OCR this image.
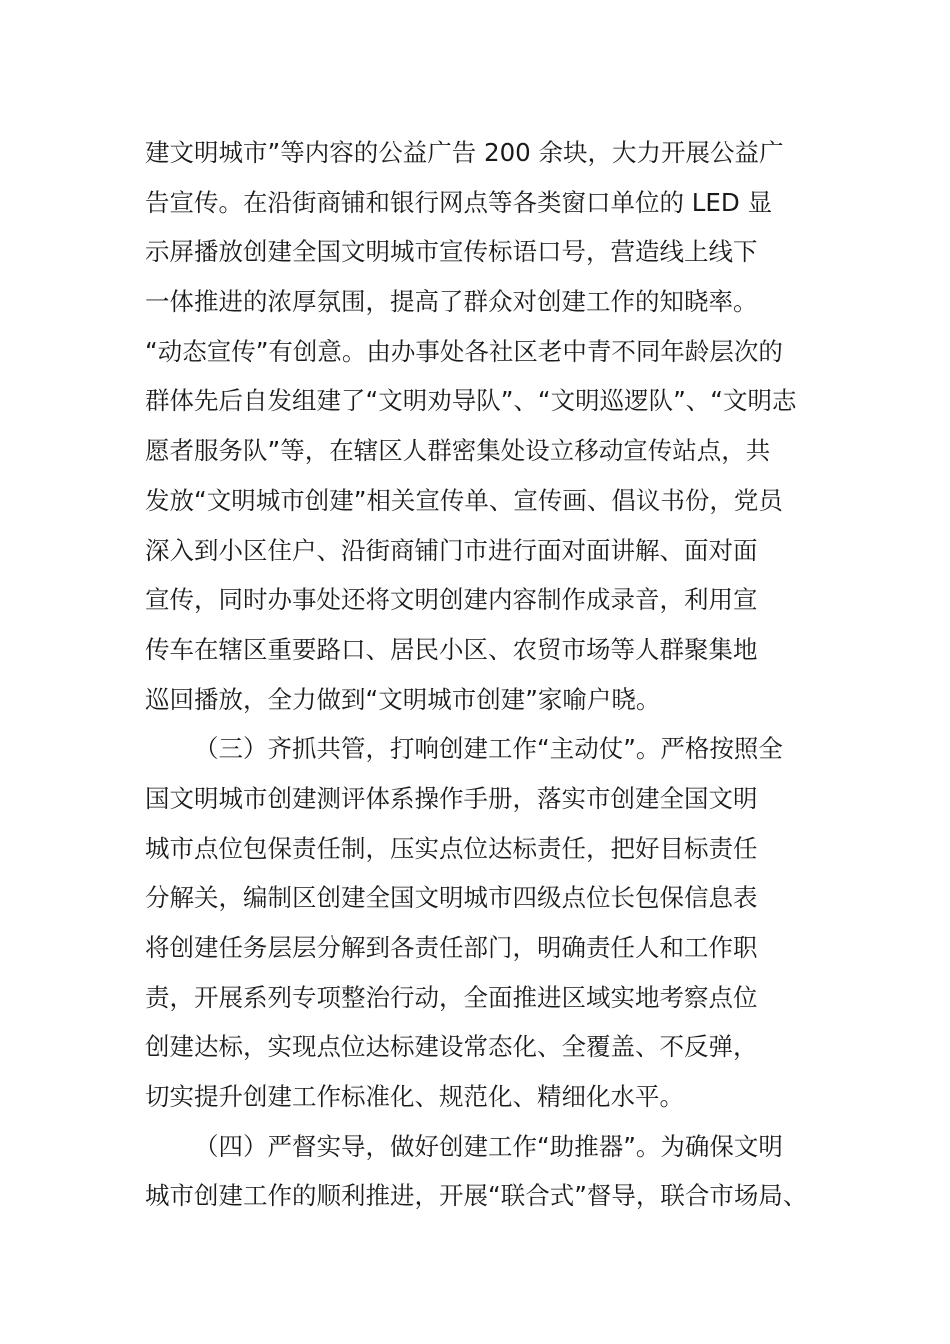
建文明城市”等内容的公益广告 200 余块，大力开展公益广
告宣传。在沿街商铺和银行网点等各类窗口单位的 LED 显
示屏播放创建全国文明城市宣传标语口号，营造线上线下
一体推进的浓厚氛围，提高了群众对创建工作的知晓率。
“动态宣传”有创意。由办事处各社区老中青不同年龄层次的
群体先后自发组建了“文明劝导队”、“文明巡逻队”、“文明志
愿者服务队”等，在辖区人群密集处设立移动宣传站点，共
发放“文明城市创建”相关宣传单、宣传画、倡议书份，党员
深入到小区住户、沿街商铺门市进行面对面讲解、面对面
宣传，同时办事处还将文明创建内容制作成录音，利用宣
传车在辖区重要路口、居民小区、农贸市场等人群聚集地
巡回播放，全力做到“文明城市创建”家喻户晓。
（三）齐抓共管，打响创建工作“主动仗”。严格按照全
国文明城市创建测评体系操作手册，落实市创建全国文明
城市点位包保责任制，压实点位达标责任，把好目标责任
分解关，编制区创建全国文明城市四级点位长包保信息表
将创建任务层层分解到各责任部门，明确责任人和工作职
责，开展系列专项整治行动，全面推进区域实地考察点位
创建达标，实现点位达标建设常态化、全覆盖、不反弹，
切实提升创建工作标准化、规范化、精细化水平。
（四）严督实导，做好创建工作“助推器”。为确保文明
城市创建工作的顺利推进，开展“联合式”督导，联合市场局、
